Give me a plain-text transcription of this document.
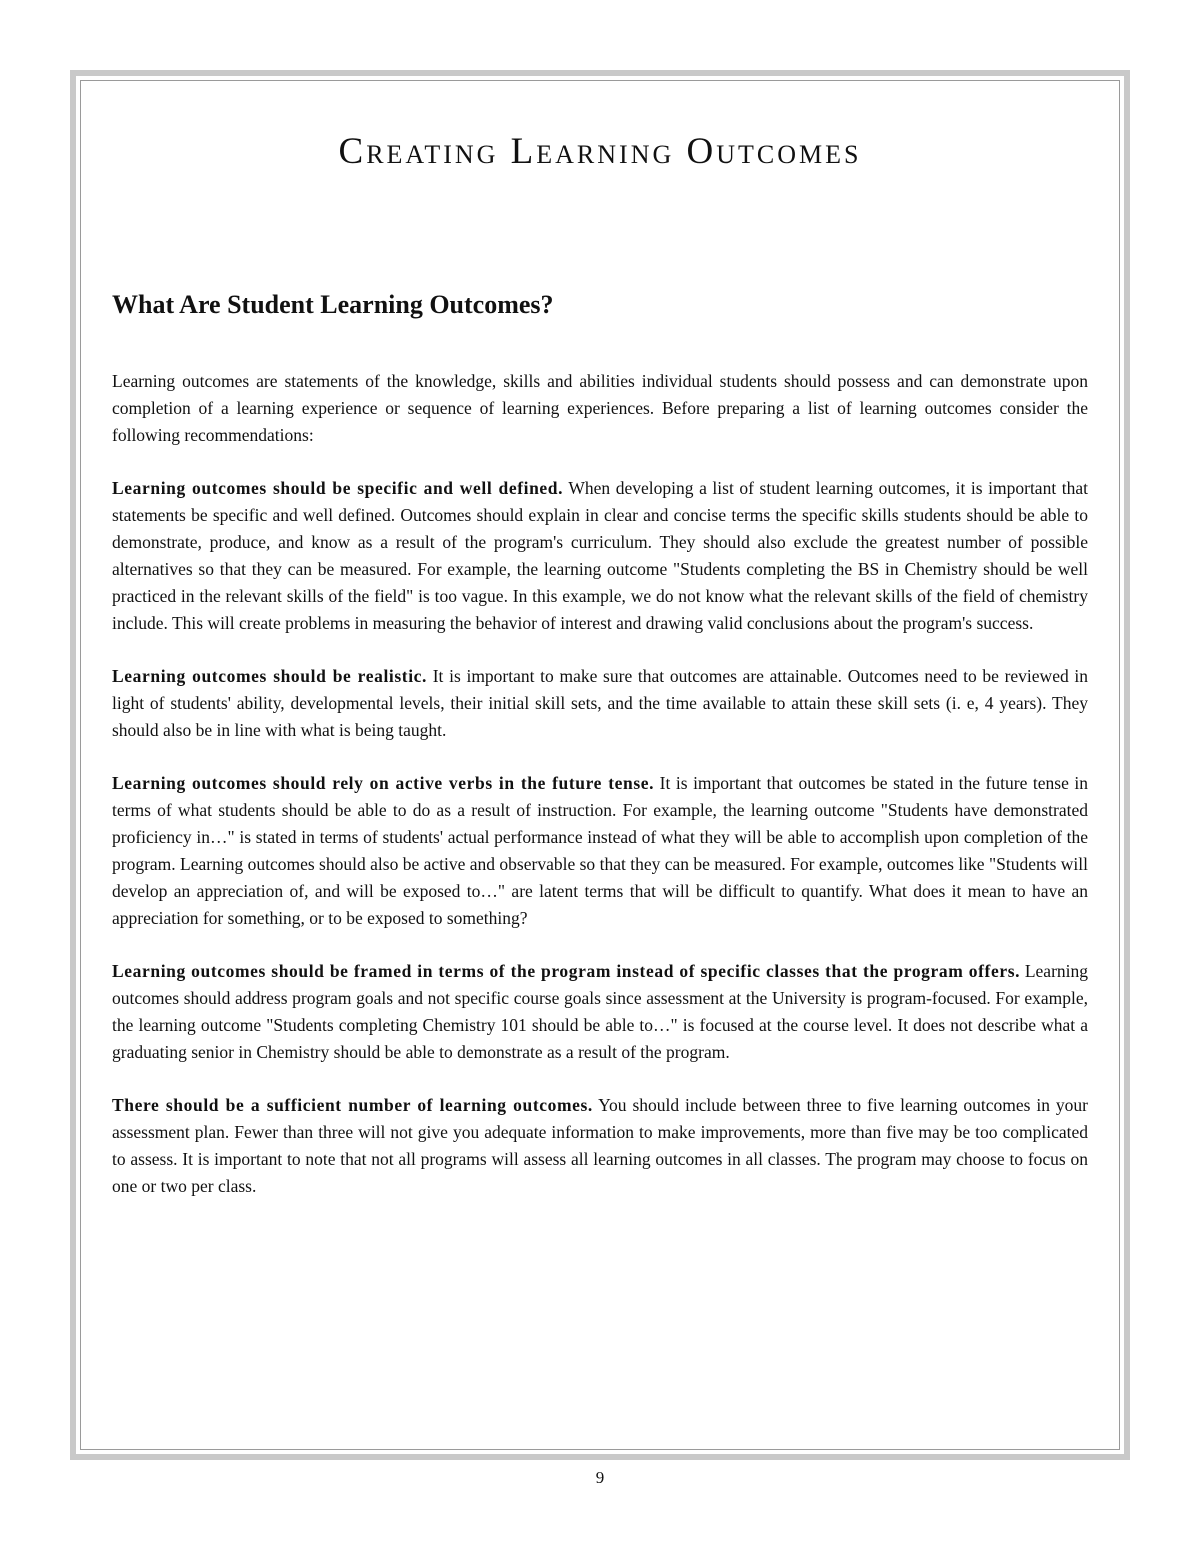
Creating Learning Outcomes
What Are Student Learning Outcomes?

Learning outcomes are statements of the knowledge, skills and abilities individual students should possess and can demonstrate upon completion of a learning experience or sequence of learning experiences. Before preparing a list of learning outcomes consider the following recommendations:

Learning outcomes should be specific and well defined. When developing a list of student learning outcomes, it is important that statements be specific and well defined. Outcomes should explain in clear and concise terms the specific skills students should be able to demonstrate, produce, and know as a result of the program's curriculum. They should also exclude the greatest number of possible alternatives so that they can be measured. For example, the learning outcome "Students completing the BS in Chemistry should be well practiced in the relevant skills of the field" is too vague. In this example, we do not know what the relevant skills of the field of chemistry include. This will create problems in measuring the behavior of interest and drawing valid conclusions about the program's success.

Learning outcomes should be realistic. It is important to make sure that outcomes are attainable. Outcomes need to be reviewed in light of students' ability, developmental levels, their initial skill sets, and the time available to attain these skill sets (i. e, 4 years). They should also be in line with what is being taught.

Learning outcomes should rely on active verbs in the future tense. It is important that outcomes be stated in the future tense in terms of what students should be able to do as a result of instruction. For example, the learning outcome "Students have demonstrated proficiency in…" is stated in terms of students' actual performance instead of what they will be able to accomplish upon completion of the program. Learning outcomes should also be active and observable so that they can be measured. For example, outcomes like "Students will develop an appreciation of, and will be exposed to…" are latent terms that will be difficult to quantify. What does it mean to have an appreciation for something, or to be exposed to something?

Learning outcomes should be framed in terms of the program instead of specific classes that the program offers. Learning outcomes should address program goals and not specific course goals since assessment at the University is program-focused. For example, the learning outcome "Students completing Chemistry 101 should be able to…" is focused at the course level. It does not describe what a graduating senior in Chemistry should be able to demonstrate as a result of the program.

There should be a sufficient number of learning outcomes. You should include between three to five learning outcomes in your assessment plan. Fewer than three will not give you adequate information to make improvements, more than five may be too complicated to assess. It is important to note that not all programs will assess all learning outcomes in all classes. The program may choose to focus on one or two per class.

9
